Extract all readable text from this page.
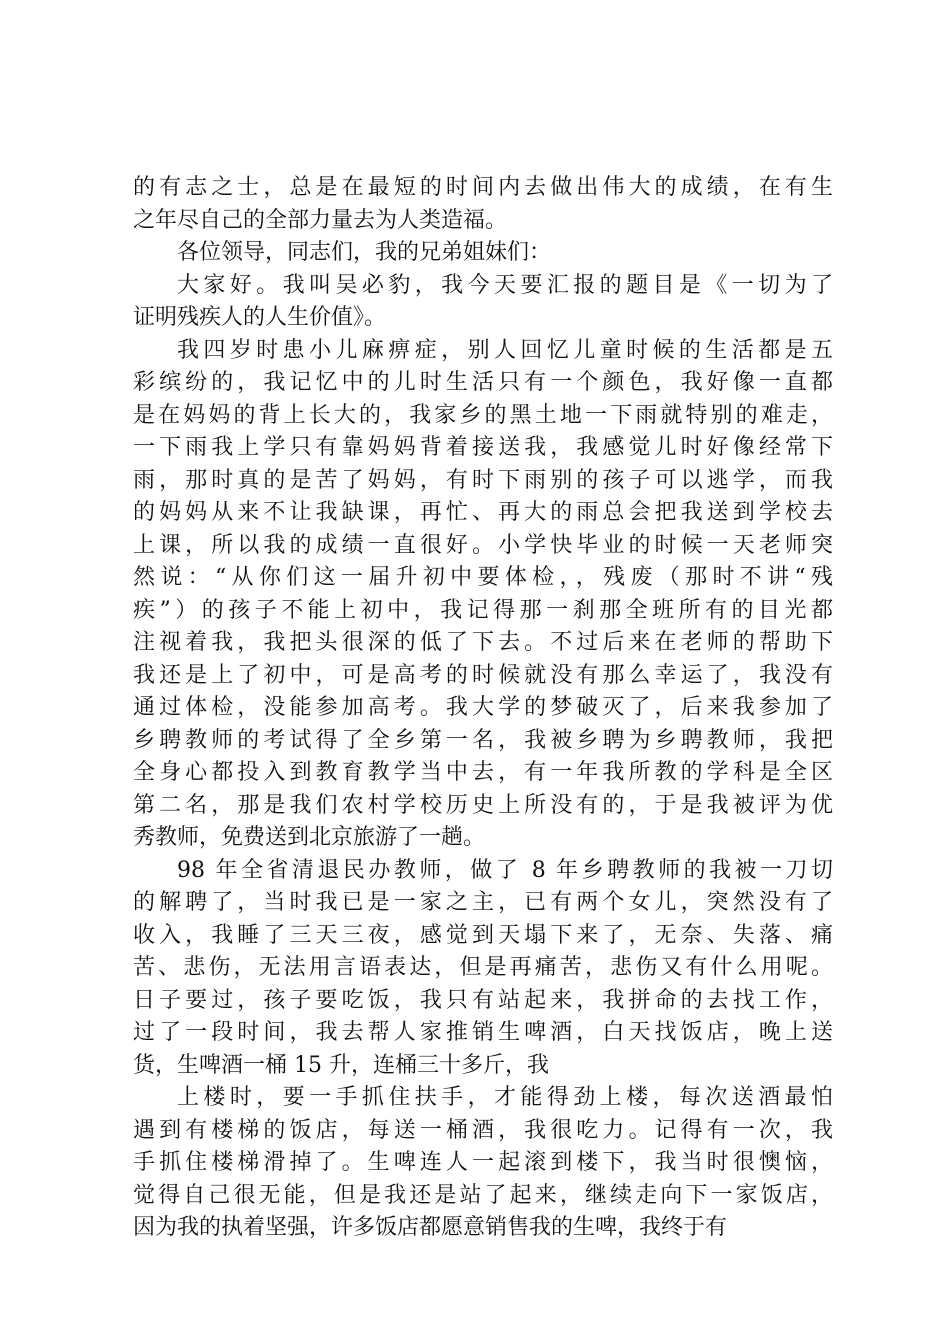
的有志之士，总是在最短的时间内去做出伟大的成绩，在有生
之年尽自己的全部力量去为人类造福。
各位领导，同志们，我的兄弟姐妹们：
大家好。我叫吴必豹，我今天要汇报的题目是《一切为了
证明残疾人的人生价值》。
我四岁时患小儿麻痹症，别人回忆儿童时候的生活都是五
彩缤纷的，我记忆中的儿时生活只有一个颜色，我好像一直都
是在妈妈的背上长大的，我家乡的黑土地一下雨就特别的难走，
一下雨我上学只有靠妈妈背着接送我，我感觉儿时好像经常下
雨，那时真的是苦了妈妈，有时下雨别的孩子可以逃学，而我
的妈妈从来不让我缺课，再忙、再大的雨总会把我送到学校去
上课，所以我的成绩一直很好。小学快毕业的时候一天老师突
然说：“从你们这一届升初中要体检，，残废（那时不讲“残
疾”）的孩子不能上初中，我记得那一刹那全班所有的目光都
注视着我，我把头很深的低了下去。不过后来在老师的帮助下
我还是上了初中，可是高考的时候就没有那么幸运了，我没有
通过体检，没能参加高考。我大学的梦破灭了，后来我参加了
乡聘教师的考试得了全乡第一名，我被乡聘为乡聘教师，我把
全身心都投入到教育教学当中去，有一年我所教的学科是全区
第二名，那是我们农村学校历史上所没有的，于是我被评为优
秀教师，免费送到北京旅游了一趟。
98 年全省清退民办教师，做了 8 年乡聘教师的我被一刀切
的解聘了，当时我已是一家之主，已有两个女儿，突然没有了
收入，我睡了三天三夜，感觉到天塌下来了，无奈、失落、痛
苦、悲伤，无法用言语表达，但是再痛苦，悲伤又有什么用呢。
日子要过，孩子要吃饭，我只有站起来，我拼命的去找工作，
过了一段时间，我去帮人家推销生啤酒，白天找饭店，晚上送
货，生啤酒一桶 15 升，连桶三十多斤，我
上楼时，要一手抓住扶手，才能得劲上楼，每次送酒最怕
遇到有楼梯的饭店，每送一桶酒，我很吃力。记得有一次，我
手抓住楼梯滑掉了。生啤连人一起滚到楼下，我当时很懊恼，
觉得自己很无能，但是我还是站了起来，继续走向下一家饭店，
因为我的执着坚强，许多饭店都愿意销售我的生啤，我终于有
